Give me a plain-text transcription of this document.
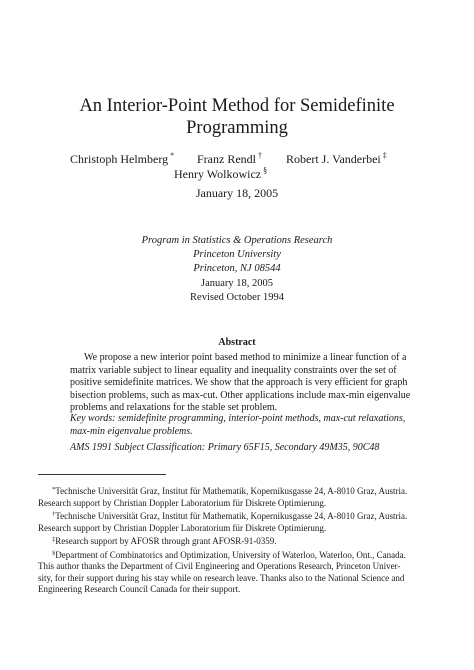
An Interior-Point Method for Semidefinite
Programming
Christoph Helmberg * Franz Rendl † Robert J. Vanderbei ‡
Henry Wolkowicz §
January 18, 2005
Program in Statistics & Operations Research
Princeton University
Princeton, NJ 08544
January 18, 2005
Revised October 1994
Abstract
We propose a new interior point based method to minimize a linear function of a
matrix variable subject to linear equality and inequality constraints over the set of
positive semidefinite matrices. We show that the approach is very efficient for graph
bisection problems, such as max-cut. Other applications include max-min eigenvalue
problems and relaxations for the stable set problem.
Key words: semidefinite programming, interior-point methods, max-cut relaxations,
max-min eigenvalue problems.
AMS 1991 Subject Classification: Primary 65F15, Secondary 49M35, 90C48
*Technische Universität Graz, Institut für Mathematik, Kopernikusgasse 24, A-8010 Graz, Austria.
Research support by Christian Doppler Laboratorium für Diskrete Optimierung.
†Technische Universität Graz, Institut für Mathematik, Kopernikusgasse 24, A-8010 Graz, Austria.
Research support by Christian Doppler Laboratorium für Diskrete Optimierung.
‡Research support by AFOSR through grant AFOSR-91-0359.
§Department of Combinatorics and Optimization, University of Waterloo, Waterloo, Ont., Canada.
This author thanks the Department of Civil Engineering and Operations Research, Princeton Univer-
sity, for their support during his stay while on research leave. Thanks also to the National Science and
Engineering Research Council Canada for their support.
